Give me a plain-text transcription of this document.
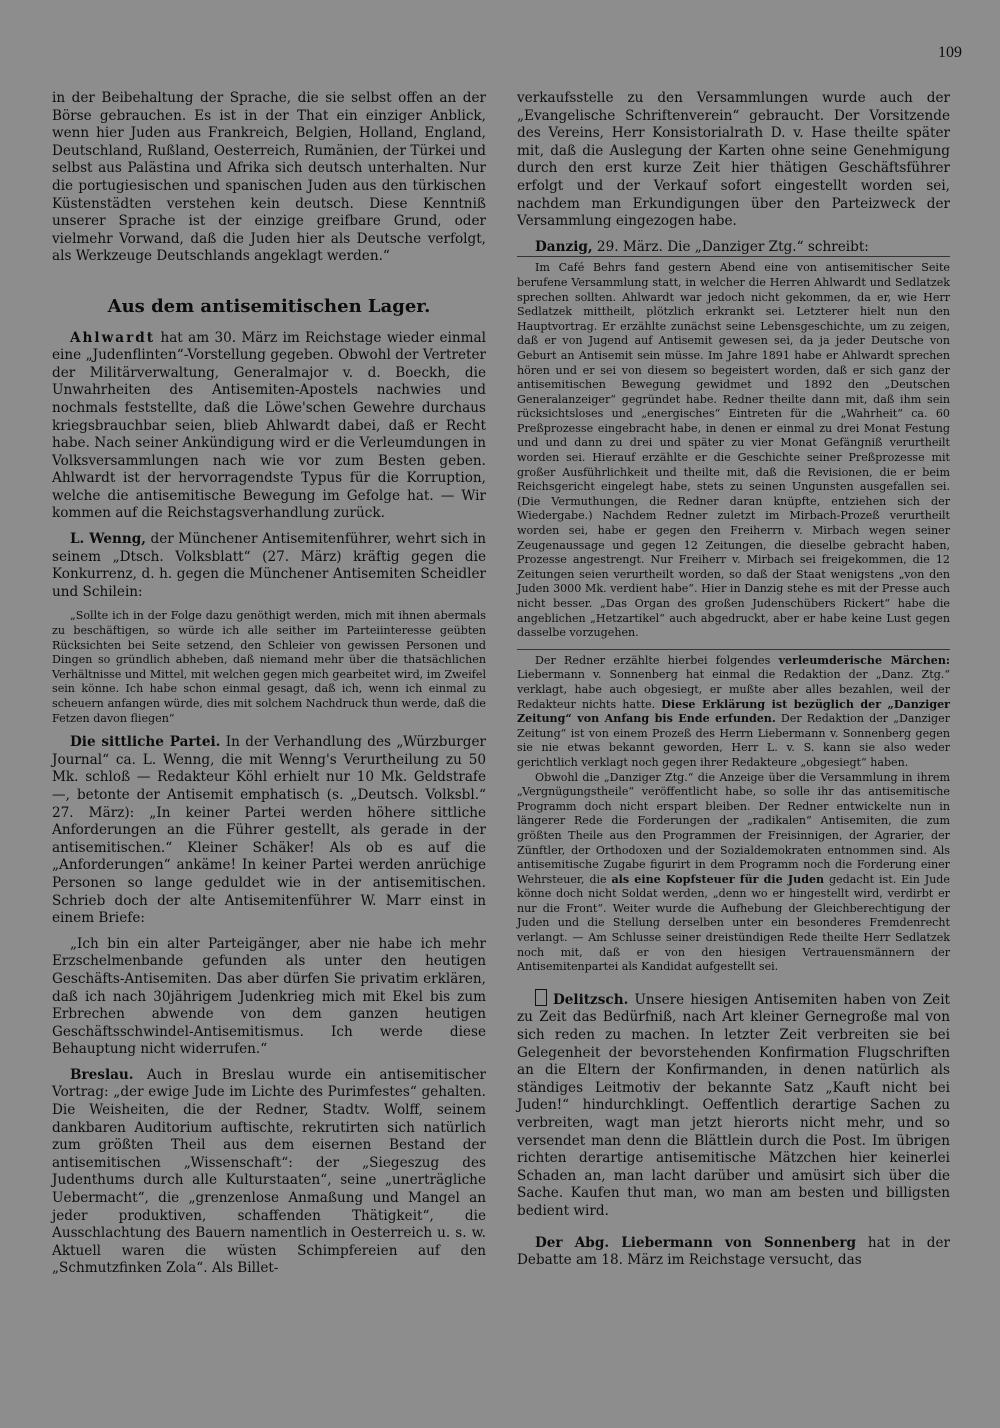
109

in der Beibehaltung der Sprache, die sie selbst offen an der Börse gebrauchen. Es ist in der That ein einziger Anblick, wenn hier Juden aus Frankreich, Belgien, Holland, England, Deutschland, Rußland, Oesterreich, Rumänien, der Türkei und selbst aus Palästina und Afrika sich deutsch unterhalten. Nur die portugiesischen und spanischen Juden aus den türkischen Küstenstädten verstehen kein deutsch. Diese Kenntniß unserer Sprache ist der einzige greifbare Grund, oder vielmehr Vorwand, daß die Juden hier als Deutsche verfolgt, als Werkzeuge Deutschlands angeklagt werden.“

Aus dem antisemitischen Lager.

Ahlwardt hat am 30. März im Reichstage wieder einmal eine „Judenflinten“-Vorstellung gegeben. Obwohl der Vertreter der Militärverwaltung, Generalmajor v. d. Boeckh, die Unwahrheiten des Antisemiten-Apostels nachwies und nochmals feststellte, daß die Löwe'schen Gewehre durchaus kriegsbrauchbar seien, blieb Ahlwardt dabei, daß er Recht habe. Nach seiner Ankündigung wird er die Verleumdungen in Volksversammlungen nach wie vor zum Besten geben. Ahlwardt ist der hervorragendste Typus für die Korruption, welche die antisemitische Bewegung im Gefolge hat. — Wir kommen auf die Reichstagsverhandlung zurück.

L. Wenng, der Münchener Antisemitenführer, wehrt sich in seinem „Dtsch. Volksblatt“ (27. März) kräftig gegen die Konkurrenz, d. h. gegen die Münchener Antisemiten Scheidler und Schilein:

„Sollte ich in der Folge dazu genöthigt werden, mich mit ihnen abermals zu beschäftigen, so würde ich alle seither im Parteiinteresse geübten Rücksichten bei Seite setzend, den Schleier von gewissen Personen und Dingen so gründlich abheben, daß niemand mehr über die thatsächlichen Verhältnisse und Mittel, mit welchen gegen mich gearbeitet wird, im Zweifel sein könne. Ich habe schon einmal gesagt, daß ich, wenn ich einmal zu scheuern anfangen würde, dies mit solchem Nachdruck thun werde, daß die Fetzen davon fliegen“

Die sittliche Partei. In der Verhandlung des „Würzburger Journal“ ca. L. Wenng, die mit Wenng's Verurtheilung zu 50 Mk. schloß — Redakteur Köhl erhielt nur 10 Mk. Geldstrafe —, betonte der Antisemit emphatisch (s. „Deutsch. Volksbl.“ 27. März): „In keiner Partei werden höhere sittliche Anforderungen an die Führer gestellt, als gerade in der antisemitischen.“ Kleiner Schäker! Als ob es auf die „Anforderungen“ ankäme! In keiner Partei werden anrüchige Personen so lange geduldet wie in der antisemitischen. Schrieb doch der alte Antisemitenführer W. Marr einst in einem Briefe:

„Ich bin ein alter Parteigänger, aber nie habe ich mehr Erzschelmenbande gefunden als unter den heutigen Geschäfts-Antisemiten. Das aber dürfen Sie privatim erklären, daß ich nach 30jährigem Judenkrieg mich mit Ekel bis zum Erbrechen abwende von dem ganzen heutigen Geschäftsschwindel-Antisemitismus. Ich werde diese Behauptung nicht widerrufen.“

Breslau. Auch in Breslau wurde ein antisemitischer Vortrag: „der ewige Jude im Lichte des Purimfestes“ gehalten. Die Weisheiten, die der Redner, Stadtv. Wolff, seinem dankbaren Auditorium auftischte, rekrutirten sich natürlich zum größten Theil aus dem eisernen Bestand der antisemitischen „Wissenschaft“: der „Siegeszug des Judenthums durch alle Kulturstaaten“, seine „unerträgliche Uebermacht“, die „grenzenlose Anmaßung und Mangel an jeder produktiven, schaffenden Thätigkeit“, die Ausschlachtung des Bauern namentlich in Oesterreich u. s. w. Aktuell waren die wüsten Schimpfereien auf den „Schmutzfinken Zola“. Als Billet-

verkaufsstelle zu den Versammlungen wurde auch der „Evangelische Schriftenverein“ gebraucht. Der Vorsitzende des Vereins, Herr Konsistorialrath D. v. Hase theilte später mit, daß die Auslegung der Karten ohne seine Genehmigung durch den erst kurze Zeit hier thätigen Geschäftsführer erfolgt und der Verkauf sofort eingestellt worden sei, nachdem man Erkundigungen über den Parteizweck der Versammlung eingezogen habe.

Danzig, 29. März. Die „Danziger Ztg.“ schreibt:

Im Café Behrs fand gestern Abend eine von antisemitischer Seite berufene Versammlung statt, in welcher die Herren Ahlwardt und Sedlatzek sprechen sollten. Ahlwardt war jedoch nicht gekommen, da er, wie Herr Sedlatzek mittheilt, plötzlich erkrankt sei. Letzterer hielt nun den Hauptvortrag. Er erzählte zunächst seine Lebensgeschichte, um zu zeigen, daß er von Jugend auf Antisemit gewesen sei, da ja jeder Deutsche von Geburt an Antisemit sein müsse. Im Jahre 1891 habe er Ahlwardt sprechen hören und er sei von diesem so begeistert worden, daß er sich ganz der antisemitischen Bewegung gewidmet und 1892 den „Deutschen Generalanzeiger“ gegründet habe. Redner theilte dann mit, daß ihm sein rücksichtsloses und „energisches“ Eintreten für die „Wahrheit“ ca. 60 Preßprozesse eingebracht habe, in denen er einmal zu drei Monat Festung und und dann zu drei und später zu vier Monat Gefängniß verurtheilt worden sei. Hierauf erzählte er die Geschichte seiner Preßprozesse mit großer Ausführlichkeit und theilte mit, daß die Revisionen, die er beim Reichsgericht eingelegt habe, stets zu seinen Ungunsten ausgefallen sei. (Die Vermuthungen, die Redner daran knüpfte, entziehen sich der Wiedergabe.) Nachdem Redner zuletzt im Mirbach-Prozeß verurtheilt worden sei, habe er gegen den Freiherrn v. Mirbach wegen seiner Zeugenaussage und gegen 12 Zeitungen, die dieselbe gebracht haben, Prozesse angestrengt. Nur Freiherr v. Mirbach sei freigekommen, die 12 Zeitungen seien verurtheilt worden, so daß der Staat wenigstens „von den Juden 3000 Mk. verdient habe“. Hier in Danzig stehe es mit der Presse auch nicht besser. „Das Organ des großen Judenschübers Rickert“ habe die angeblichen „Hetzartikel“ auch abgedruckt, aber er habe keine Lust gegen dasselbe vorzugehen.

Der Redner erzählte hierbei folgendes verleumderische Märchen: Liebermann v. Sonnenberg hat einmal die Redaktion der „Danz. Ztg.“ verklagt, habe auch obgesiegt, er mußte aber alles bezahlen, weil der Redakteur nichts hatte. Diese Erklärung ist bezüglich der „Danziger Zeitung“ von Anfang bis Ende erfunden. Der Redaktion der „Danziger Zeitung“ ist von einem Prozeß des Herrn Liebermann v. Sonnenberg gegen sie nie etwas bekannt geworden, Herr L. v. S. kann sie also weder gerichtlich verklagt noch gegen ihrer Redakteure „obgesiegt“ haben.

Obwohl die „Danziger Ztg.“ die Anzeige über die Versammlung in ihrem „Vergnügungstheile“ veröffentlicht habe, so solle ihr das antisemitische Programm doch nicht erspart bleiben. Der Redner entwickelte nun in längerer Rede die Forderungen der „radikalen“ Antisemiten, die zum größten Theile aus den Programmen der Freisinnigen, der Agrarier, der Zünftler, der Orthodoxen und der Sozialdemokraten entnommen sind. Als antisemitische Zugabe figurirt in dem Programm noch die Forderung einer Wehrsteuer, die als eine Kopfsteuer für die Juden gedacht ist. Ein Jude könne doch nicht Soldat werden, „denn wo er hingestellt wird, verdirbt er nur die Front“. Weiter wurde die Aufhebung der Gleichberechtigung der Juden und die Stellung derselben unter ein besonderes Fremdenrecht verlangt. — Am Schlusse seiner dreistündigen Rede theilte Herr Sedlatzek noch mit, daß er von den hiesigen Vertrauensmännern der Antisemitenpartei als Kandidat aufgestellt sei.

Delitzsch. Unsere hiesigen Antisemiten haben von Zeit zu Zeit das Bedürfniß, nach Art kleiner Gernegroße mal von sich reden zu machen. In letzter Zeit verbreiten sie bei Gelegenheit der bevorstehenden Konfirmation Flugschriften an die Eltern der Konfirmanden, in denen natürlich als ständiges Leitmotiv der bekannte Satz „Kauft nicht bei Juden!“ hindurchklingt. Oeffentlich derartige Sachen zu verbreiten, wagt man jetzt hierorts nicht mehr, und so versendet man denn die Blättlein durch die Post. Im übrigen richten derartige antisemitische Mätzchen hier keinerlei Schaden an, man lacht darüber und amüsirt sich über die Sache. Kaufen thut man, wo man am besten und billigsten bedient wird.

Der Abg. Liebermann von Sonnenberg hat in der Debatte am 18. März im Reichstage versucht, das
